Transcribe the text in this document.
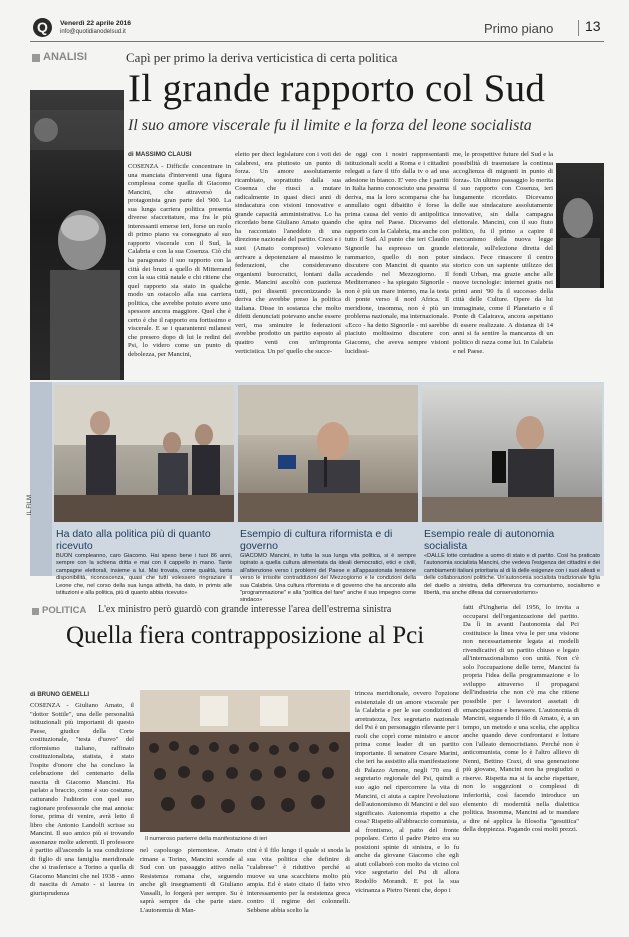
Q	Venerdì 22 aprile 2016
info@quotidianodelsud.it	Primo piano 13
ANALISI	Capì per primo la deriva verticistica di certa politica
Il grande rapporto col Sud
Il suo amore viscerale fu il limite e la forza del leone socialista
di MASSIMO CLAUSI

COSENZA - Difficile concentrare in una manciata d'interventi una figura complessa come quella di Giacomo Mancini, che attraversò da protagonista gran parte del '900. La sua lunga carriera politica presenta diverse sfaccettature, ma fra le più interessanti emerse ieri, forse un ruolo di primo piano va consegnato al suo rapporto viscerale con il Sud, la Calabria e con la sua Cosenza. Ciò chi ha paragonato il suo rapporto con la città dei bruzi a quello di Mitterrand con la sua città natale e chi ritiene che quel rapporto sia stato in qualche modo un ostacolo alla sua carriera politica, che avrebbe potuto avere uno spessore ancora maggiore. Quel che è certo è che il rapporto era fortissimo e viscerale. E se i quarantenni milanesi che presero dopo di lui le redini del Psi, lo videro come un punto di debolezza, per Mancini,

eletto per dieci legislature con i voti dei calabresi, era piuttosto un punto di forza. Un amore assolutamente ricambiato, soprattutto dalla sua Cosenza che riuscì a mutare radicalmente in quasi dieci anni di sindacatura con visioni innovative e grande capacità amministrativa. Lo ha ricordato bene Giuliano Amato quando ha raccontato l'aneddoto di una direzione nazionale del partito. Craxi e i suoi (Amato compreso) volevano arrivare a depotenziare al massimo le federazioni, che consideravano organismi burocratici, lontani dalla gente. Mancini ascoltò con pazienza tutti, poi dissenti preconizzando la deriva che avrebbe preso la politica italiana. Disse in sostanza che molto difetti denunciati potevano anche essere veri, ma sminuire le federazioni avrebbe prodotto un partito esposto al quattro venti con un'impronta verticistica. Un po' quello che succe-

de oggi con i nostri rappresentanti istituzionali scelti a Roma e i cittadini relegati a fare il tifo dalla tv o ad una adesione in bianco. E' vero che i partiti in Italia hanno conosciuto una pessima deriva, ma la loro scomparsa che ha annullato ogni dibattito è forse la prima causa del vento di antipolitica che spira nel Paese. Dicevamo del rapporto con la Calabria, ma anche con tutto il Sud. Al punto che ieri Claudio Signorile ha espresso un grande rammarico, quello di non poter discutere con Mancini di quanto sta accadendo nel Mezzogiorno. Il Mediterraneo - ha spiegato Signorile - non è più un mare interno, ma la testa di ponte verso il nord Africa. Il meridione, insomma, non è più un problema nazionale, ma internazionale. «Ecco - ha detto Signorile - mi sarebbe piaciuto moltissimo discutere con Giacomo, che aveva sempre visioni lucidissi-

me, le prospettive future del Sud e la possibilità di trasmutare la continua accoglienza di migranti in punto di forza». Un ultimo passaggio lo merita il suo rapporto con Cosenza, ieri lungamente ricordato. Dicevamo delle sue sindacature assolutamente innovative, sin dalla campagna elettorale. Mancini, con il suo fiuto politico, fu il primo a capire il meccanismo della nuova legge elettorale, sull'elezione diretta del sindaco. Fece rinascere il centro storico con un sapiente utilizzo dei fondi Urban, ma grazie anche alle nuove tecnologie: internet gratis nei primi anni '90 fu il successo della città delle Culture. Opere da lui immaginate, come il Planetario e il Ponte di Calatrava, ancora aspettano di essere realizzate. A distanza di 14 anni si fa sentire la mancanza di un politico di razza come lui. In Calabria e nel Paese.

IL FILM
Ha dato alla politica più di quanto ricevuto
Esempio di cultura riformista e di governo
Esempio reale di autonomia socialista
BUON compleanno, caro Giacomo. Hai speso bene i tuoi 86 anni, sempre con la schiena dritta e mai con il cappello in mano. Tante campagne elettorali, insieme a lui. Mai trovata, come qualità, tanta disponibilità, riconoscenza, quasi che tutti volessero ringraziare il Leone che, nel corso della sua lunga attività, ha dato, in primis alle istituzioni e alla politica, più di quanto abbia ricevuto»
GIACOMO Mancini, in tutta la sua lunga vita politica, si è sempre ispirato a quella cultura alimentata da ideali democratici, etici e civili, all'attenzione verso i problemi del Paese e all'appassionata tensione verso le irrisolte contraddizioni del Mezzogiorno e le condizioni della sua Calabria. Una cultura riformista e di governo che ha ancorato alla "programmazione" e alla "politica del fare" anche il suo impegno come sindaco»
«DALLE lotte contadine a uomo di stato e di partito. Così ha praticato l'autonomia socialista Mancini, che vedeva l'esigenza dei cittadini e dei cambiamenti italiani prioritaria al di là delle esigenze con i suoi alleati e delle collaborazioni politiche. Un'autonomia socialista tradizionale figlia del duello a sinistra, della differenza tra comunismo, socialismo e libertà, ma anche difesa dal conservatorismo»
POLITICA L'ex ministro però guardò con grande interesse l'area dell'estrema sinistra
Quella fiera contrapposizione al Pci
di BRUNO GEMELLI

COSENZA - Giuliano Amato, il "dottor Sottile", una delle personalità istituzionali più importanti di questo Paese, giudice della Corte costituzionale, "testa d'uovo" del riformismo italiano, raffinato costituzionalista, statista, è stato l'ospite d'onore che ha concluso la celebrazione del centenario della nascita di Giacomo Mancini. Ha parlato a braccio, come è suo costume, catturando l'uditorio con quel suo ragionare professorale che mai annoia: forse, prima di venire, avrà letto il libro che Antonio Landolfi scrisse su Mancini. Il suo amico più si trovando assonanze molte aderenti. Il professore è partito all'ascendo la sua condizione di figlio di una famiglia meridionale che si trasferisce a Torino a quella di Giacomo Mancini che nel 1938 - anno di nascita di Amato - si laurea in giurisprudenza

Il numeroso parterre della manifestazione di ieri

nel capoluogo piemontese. Amato rimane a Torino, Mancini scende al Sud con un passaggio attivo nella Resistenza romana che, seguendo anche gli insegnamenti di Giuliano Vassalli, lo forgerà per sempre. Su è saprà sempre da che parte stare. L'autonomia di Man-

cini è il filo lungo il quale si snoda la sua vita politica che definire di "calabrese" è riduttivo perché si muove su una scacchiera molto più ampia. Ed è stato citato il fatto vivo interessamento per la resistenza greca contro il regime dei colonnelli. Sebbene abbia scelto la

trincea meridionale, ovvero l'opzione esistenziale di un amore viscerale per la Calabria e per le sue condizioni di arretratezza, l'ex segretario nazionale del Psi è un personaggio rilevante per i ruoli che coprì come ministro e ancor prima come leader di un partito importante. Il senatore Cesare Marini, che ieri ha assistito alla manifestazione di Palazzo Arnone, negli '70 era il segretario regionale del Psi, quindi a suo agio nel ripercorrere la vita di Mancini, ci aiuta a capire l'evoluzione dell'autonomismo di Mancini e del suo significato. Autonomia rispetto a che cosa? Rispetto all'abbraccio comunista, al frontismo, al patto del fronte popolare. Certo il padre Pietro era su posizioni spinte di sinistra, e lo fu anche da giovane Giacomo che egli aiuti collaborò con molto da vicino col vice segretario del Psi di allora Rodolfo Morandi. E poi la sua vicinanza a Pietro Nenni che, dopo i

fatti d'Ungheria del 1956, lo invita a occuparsi dell'organizzazione del partito. Da lì in avanti l'autonomia dal Pci costituisce la linea viva le per una visione non necessariamente legata ai modelli rivendicativi di un partito chiuso e legato all'internazionalismo con unità. Non c'è solo l'occupazione delle terre, Mancini fa propria l'idea della programmazione e lo sviluppo attraverso il propagarsi dell'industria che non c'è ma che ritiene possibile per i lavoratori assetati di emancipazione e benessere. L'autonomia di Mancini, seguendo il filo di Amato, è, a un tempo, un metodo e una scelta, che applica anche quando deve confrontarsi e lottare con l'alleato democristiano. Perché non è anticomunista, come lo è l'altro allievo di Nenni, Bettino Craxi, di una generazione più giovane, Mancini non ha pregiudizi o riserve. Rispetta ma si fa anche rispettare, non lo soggezioni o complessi di inferiorità, così facendo introduce un elemento di modernità nella dialettica politica. Insomma, Mancini ad te mandare a dire né applica la filosofia "gesuitica" della doppiezza. Pagando così molti prezzi.
